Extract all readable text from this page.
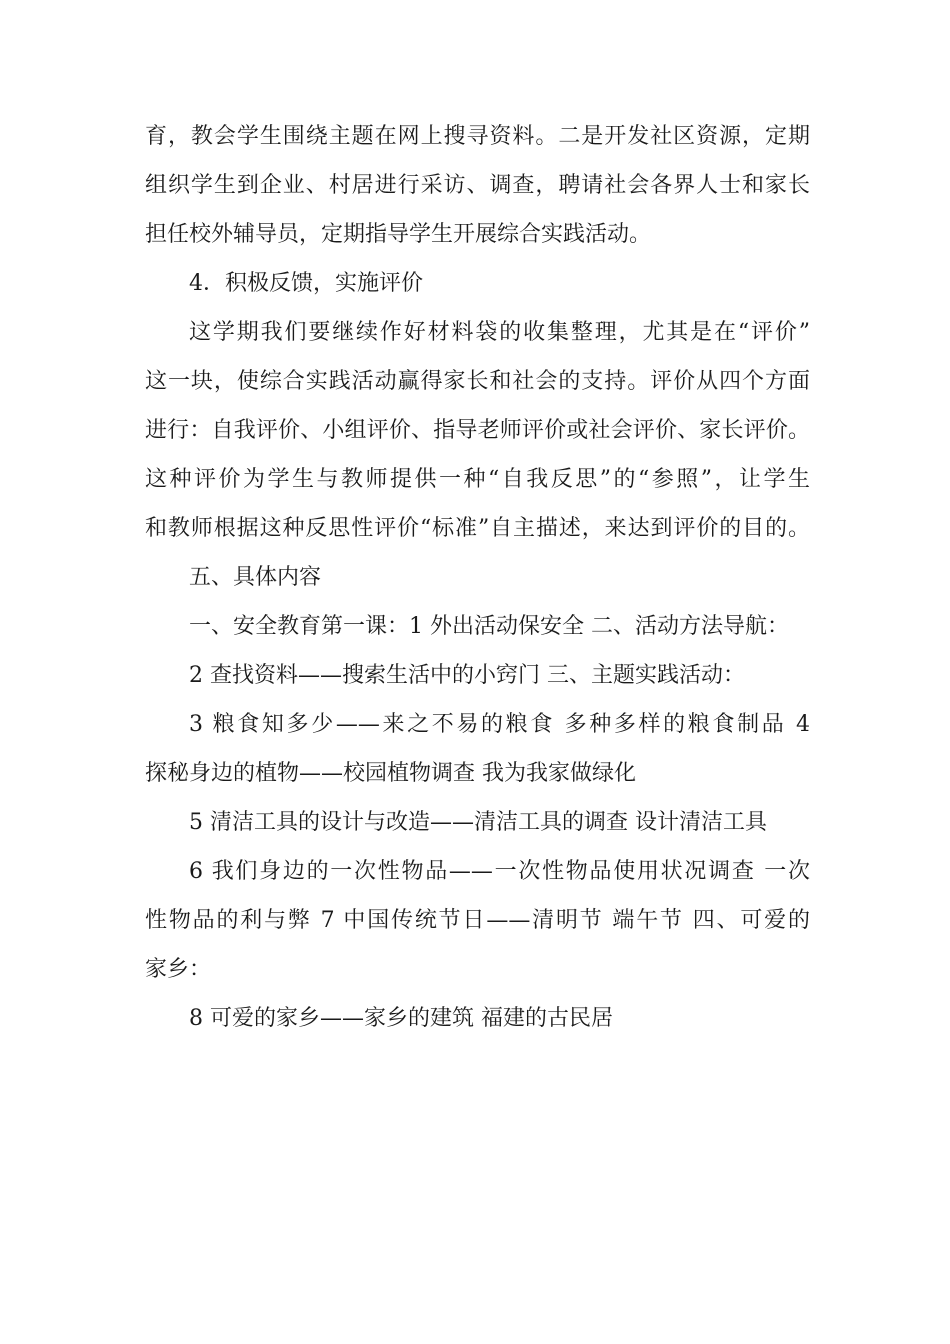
育，教会学生围绕主题在网上搜寻资料。二是开发社区资源，定期
组织学生到企业、村居进行采访、调查，聘请社会各界人士和家长
担任校外辅导员，定期指导学生开展综合实践活动。
4．积极反馈，实施评价
这学期我们要继续作好材料袋的收集整理，尤其是在“评价”
这一块，使综合实践活动赢得家长和社会的支持。评价从四个方面
进行：自我评价、小组评价、指导老师评价或社会评价、家长评价。
这种评价为学生与教师提供一种“自我反思”的“参照”，让学生
和教师根据这种反思性评价“标准”自主描述，来达到评价的目的。
五、具体内容
一、安全教育第一课：1 外出活动保安全 二、活动方法导航：
2 查找资料——搜索生活中的小窍门 三、主题实践活动：
3 粮食知多少——来之不易的粮食 多种多样的粮食制品 4
探秘身边的植物——校园植物调查 我为我家做绿化
5 清洁工具的设计与改造——清洁工具的调查 设计清洁工具
6 我们身边的一次性物品——一次性物品使用状况调查 一次
性物品的利与弊 7 中国传统节日——清明节 端午节 四、可爱的
家乡：
8 可爱的家乡——家乡的建筑 福建的古民居
